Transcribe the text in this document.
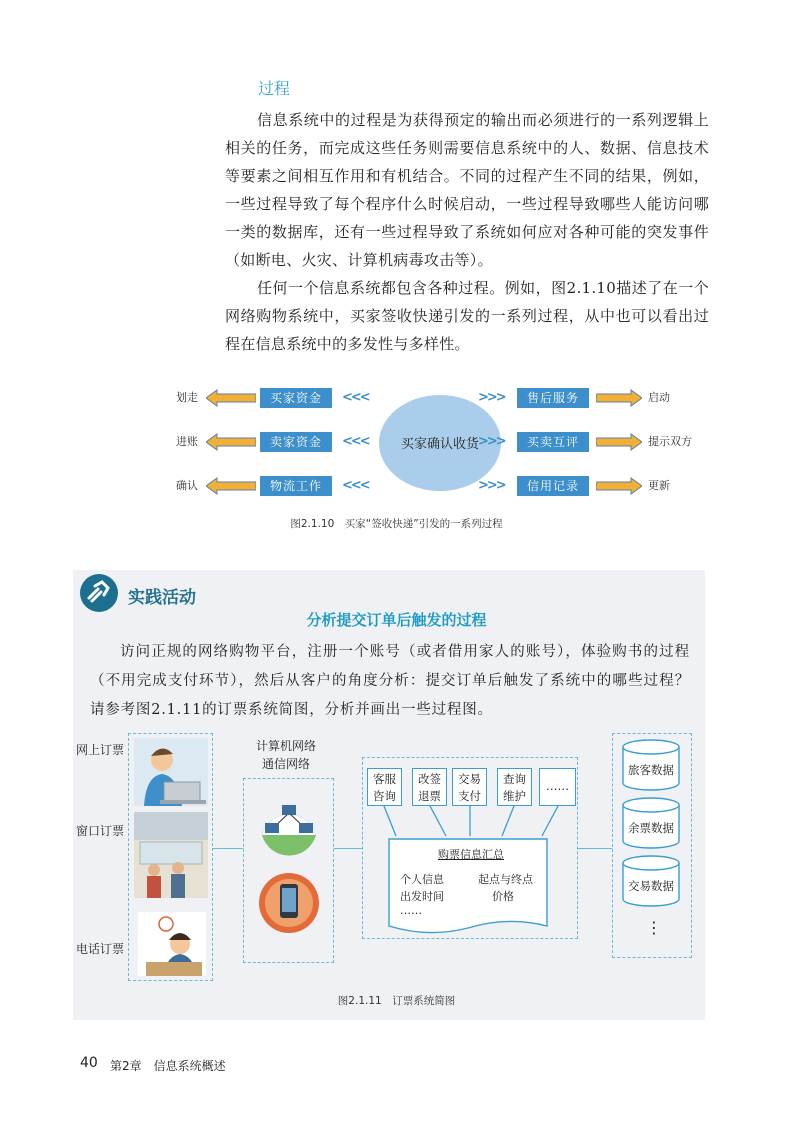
过程
信息系统中的过程是为获得预定的输出而必须进行的一系列逻辑上相关的任务，而完成这些任务则需要信息系统中的人、数据、信息技术等要素之间相互作用和有机结合。不同的过程产生不同的结果，例如，一些过程导致了每个程序什么时候启动，一些过程导致哪些人能访问哪一类的数据库，还有一些过程导致了系统如何应对各种可能的突发事件（如断电、火灾、计算机病毒攻击等）。
任何一个信息系统都包含各种过程。例如，图2.1.10描述了在一个网络购物系统中，买家签收快递引发的一系列过程，从中也可以看出过程在信息系统中的多发性与多样性。
买家确认收货
划走	买家资金	<<<
进账	卖家资金	<<<
确认	物流工作	<<<
>>>	售后服务	启动
>>>	买卖互评	提示双方
>>>	信用记录	更新
图2.1.10　买家“签收快递”引发的一系列过程
实践活动
分析提交订单后触发的过程
访问正规的网络购物平台，注册一个账号（或者借用家人的账号），体验购书的过程（不用完成支付环节），然后从客户的角度分析：提交订单后触发了系统中的哪些过程？请参考图2.1.11的订票系统简图，分析并画出一些过程图。
网上订票
窗口订票
电话订票
计算机网络
通信网络
客服
咨询
改签
退票
交易
支付
查询
维护
……
购票信息汇总
个人信息	起点与终点
出发时间	价格
……
旅客数据
余票数据
交易数据
⋮
图2.1.11　订票系统简图
40 第2章　信息系统概述
